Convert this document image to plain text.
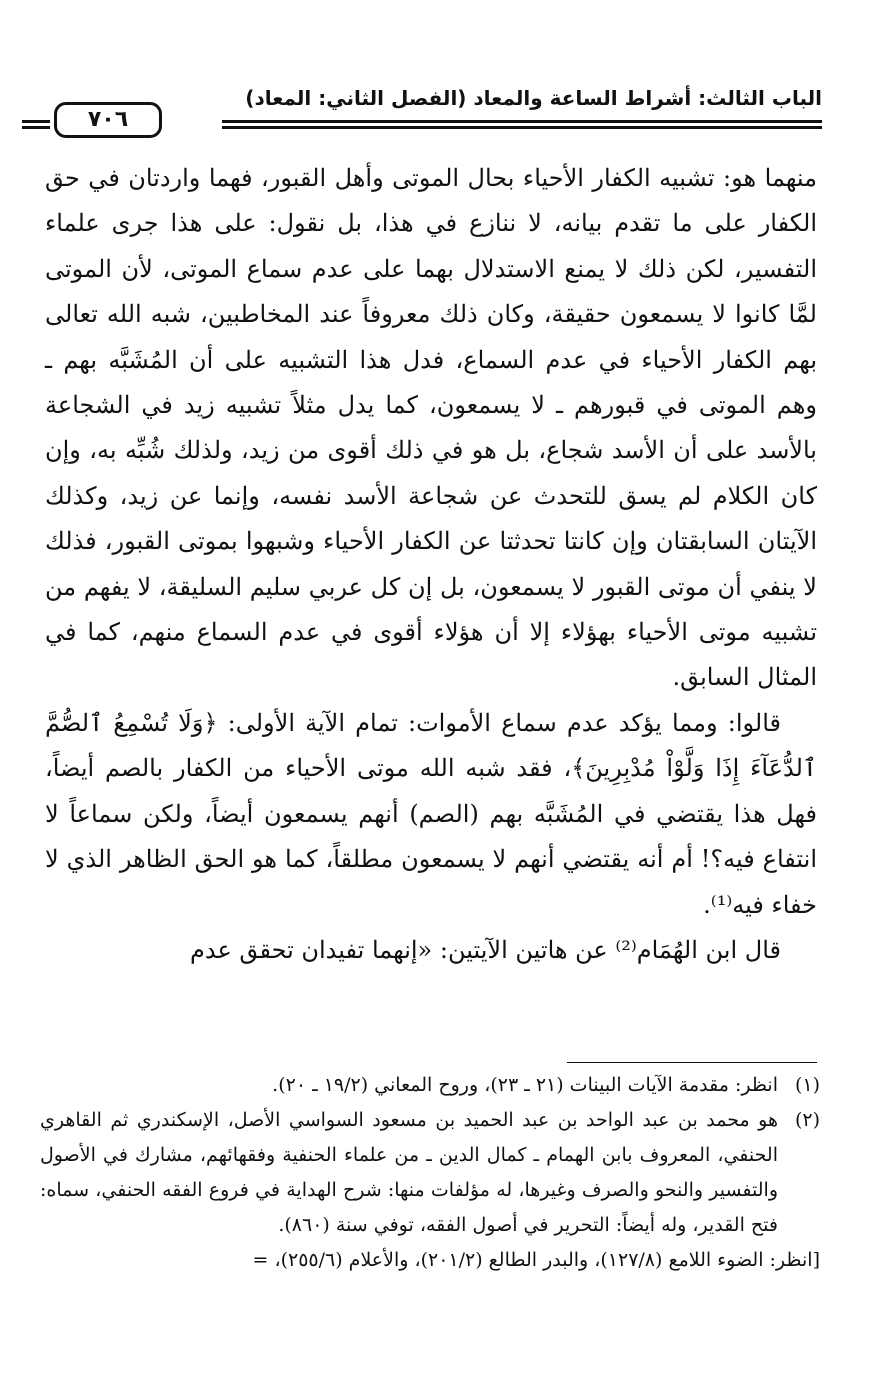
الباب الثالث: أشراط الساعة والمعاد (الفصل الثاني: المعاد)
٧٠٦

منهما هو: تشبيه الكفار الأحياء بحال الموتى وأهل القبور، فهما واردتان في حق الكفار على ما تقدم بيانه، لا ننازع في هذا، بل نقول: على هذا جرى علماء التفسير، لكن ذلك لا يمنع الاستدلال بهما على عدم سماع الموتى، لأن الموتى لمَّا كانوا لا يسمعون حقيقة، وكان ذلك معروفاً عند المخاطبين، شبه الله تعالى بهم الكفار الأحياء في عدم السماع، فدل هذا التشبيه على أن المُشَبَّه بهم ـ وهم الموتى في قبورهم ـ لا يسمعون، كما يدل مثلاً تشبيه زيد في الشجاعة بالأسد على أن الأسد شجاع، بل هو في ذلك أقوى من زيد، ولذلك شُبِّه به، وإن كان الكلام لم يسق للتحدث عن شجاعة الأسد نفسه، وإنما عن زيد، وكذلك الآيتان السابقتان وإن كانتا تحدثتا عن الكفار الأحياء وشبهوا بموتى القبور، فذلك لا ينفي أن موتى القبور لا يسمعون، بل إن كل عربي سليم السليقة، لا يفهم من تشبيه موتى الأحياء بهؤلاء إلا أن هؤلاء أقوى في عدم السماع منهم، كما في المثال السابق.

قالوا: ومما يؤكد عدم سماع الأموات: تمام الآية الأولى: ﴿وَلَا تُسْمِعُ ٱلصُّمَّ ٱلدُّعَآءَ إِذَا وَلَّوْاْ مُدْبِرِينَ﴾، فقد شبه الله موتى الأحياء من الكفار بالصم أيضاً، فهل هذا يقتضي في المُشَبَّه بهم (الصم) أنهم يسمعون أيضاً، ولكن سماعاً لا انتفاع فيه؟! أم أنه يقتضي أنهم لا يسمعون مطلقاً، كما هو الحق الظاهر الذي لا خفاء فيه⁽¹⁾.

قال ابن الهُمَام⁽²⁾ عن هاتين الآيتين: «إنهما تفيدان تحقق عدم

(١)
انظر: مقدمة الآيات البينات (٢١ ـ ٢٣)، وروح المعاني (١٩/٢ ـ ٢٠).
(٢)
هو محمد بن عبد الواحد بن عبد الحميد بن مسعود السواسي الأصل، الإسكندري ثم القاهري الحنفي، المعروف بابن الهمام ـ كمال الدين ـ من علماء الحنفية وفقهائهم، مشارك في الأصول والتفسير والنحو والصرف وغيرها، له مؤلفات منها: شرح الهداية في فروع الفقه الحنفي، سماه: فتح القدير، وله أيضاً: التحرير في أصول الفقه، توفي سنة (٨٦٠).
[انظر: الضوء اللامع (١٢٧/٨)، والبدر الطالع (٢٠١/٢)، والأعلام (٢٥٥/٦)، =
